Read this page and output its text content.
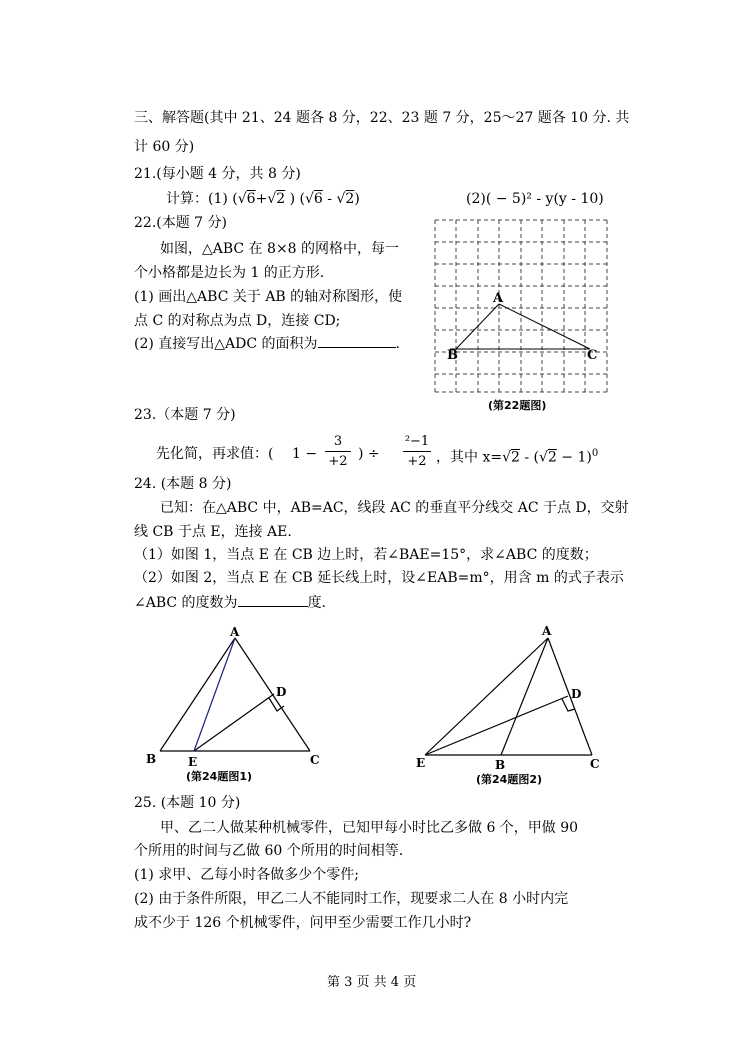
三、解答题(其中 21、24 题各 8 分，22、23 题 7 分，25～27 题各 10 分. 共
计 60 分)
21.(每小题 4 分，共 8 分)
计算：(1) (√6+√2 ) (√6 - √2)	(2)( − 5)² - y(y - 10)
22.(本题 7 分)
如图，△ABC 在 8×8 的网格中，每一
个小格都是边长为 1 的正方形.
(1) 画出△ABC 关于 AB 的轴对称图形，使
点 C 的对称点为点 D，连接 CD;
(2) 直接写出△ADC 的面积为	.
A
B	C
(第22题图)
23.（本题 7 分)
先化简，再求值：( 1 −
3
+2 ) ÷
²−1
+2 ，其中 $x=√2 - (√2 - 1)^0$
24. (本题 8 分)
已知：在△ABC 中，AB=AC，线段 AC 的垂直平分线交 AC 于点 D，交射
线 CB 于点 E，连接 AE.
（1）如图 1，当点 E 在 CB 边上时，若∠BAE=15°，求∠ABC 的度数；
（2）如图 2，当点 E 在 CB 延长线上时，设∠EAB=m°，用含 m 的式子表示
∠ABC 的度数为	度.
A
D
B	E	C
(第24题图1)
A
D
E	B	C
(第24题图2)
25. (本题 10 分)
甲、乙二人做某种机械零件，已知甲每小时比乙多做 6 个，甲做 90
个所用的时间与乙做 60 个所用的时间相等.
(1) 求甲、乙每小时各做多少个零件;
(2) 由于条件所限，甲乙二人不能同时工作，现要求二人在 8 小时内完
成不少于 126 个机械零件，问甲至少需要工作几小时?
第 3 页 共 4 页
